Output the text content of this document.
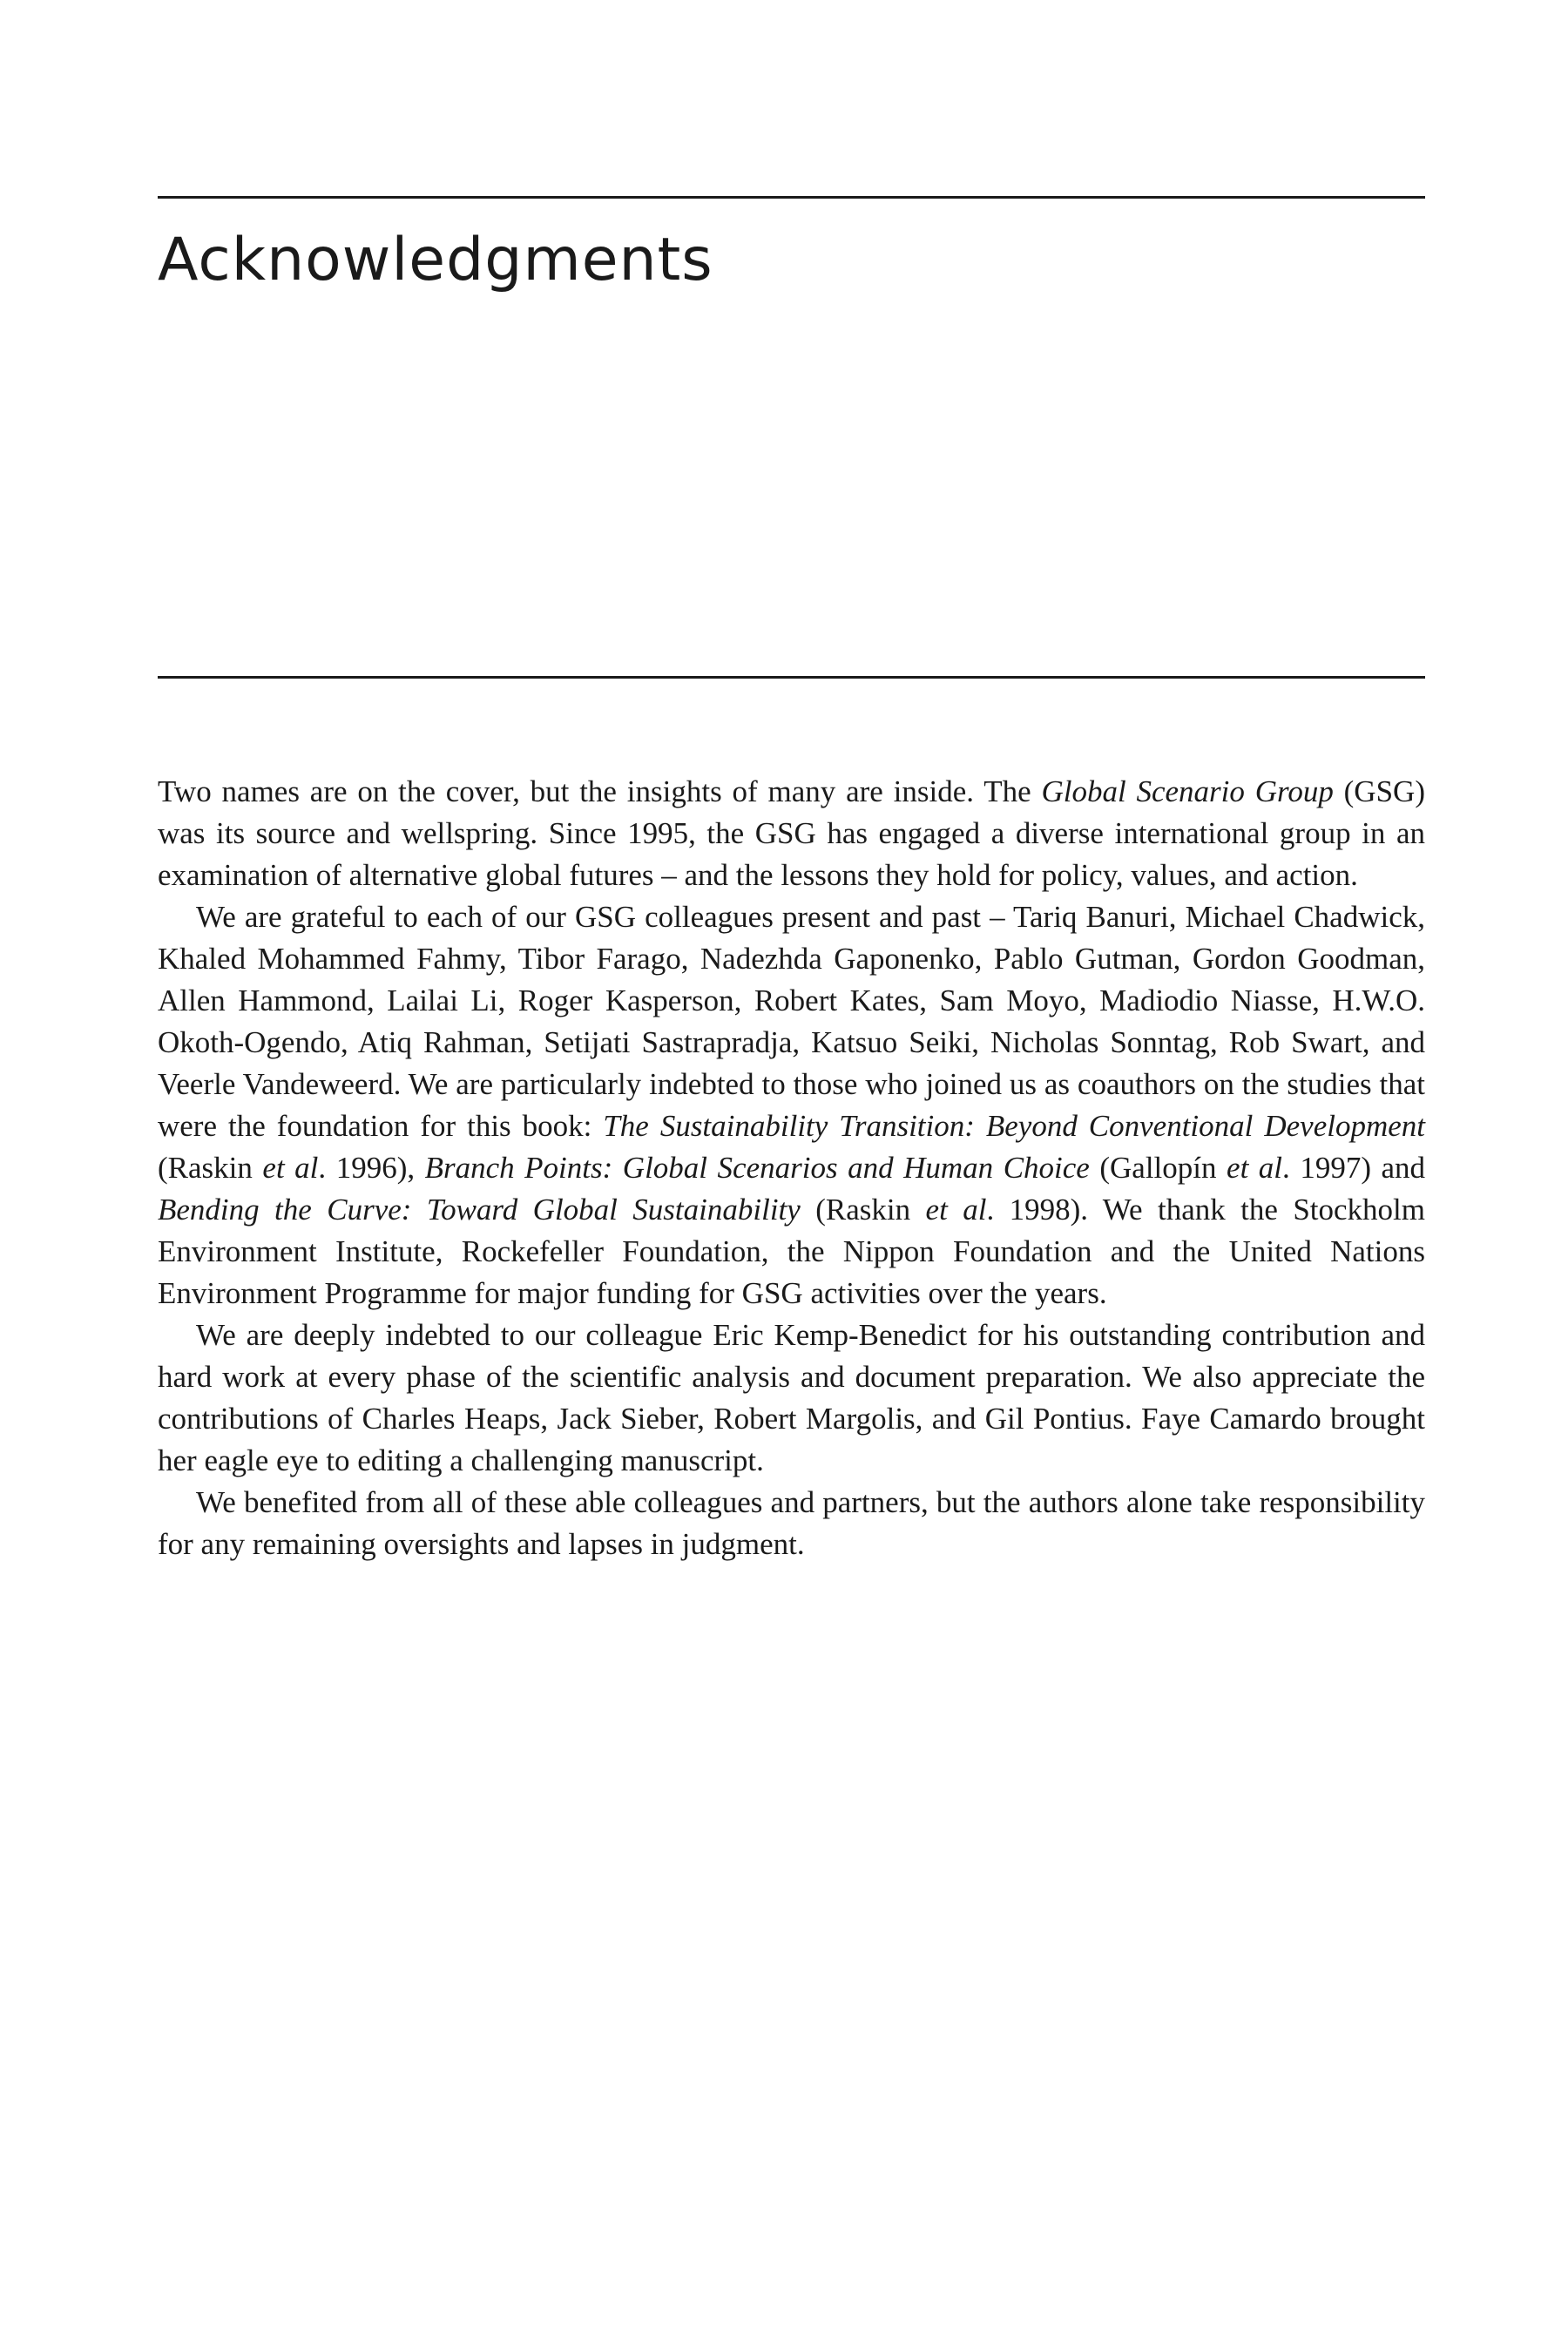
Acknowledgments

Two names are on the cover, but the insights of many are inside. The Global Scenario Group (GSG) was its source and wellspring. Since 1995, the GSG has engaged a diverse international group in an examination of alternative global futures – and the lessons they hold for policy, values, and action.

We are grateful to each of our GSG colleagues present and past – Tariq Banuri, Michael Chadwick, Khaled Mohammed Fahmy, Tibor Farago, Nadezhda Gaponenko, Pablo Gutman, Gordon Goodman, Allen Hammond, Lailai Li, Roger Kasperson, Robert Kates, Sam Moyo, Madiodio Niasse, H.W.O. Okoth-Ogendo, Atiq Rahman, Setijati Sastrapradja, Katsuo Seiki, Nicholas Sonntag, Rob Swart, and Veerle Vandeweerd. We are particularly indebted to those who joined us as coauthors on the studies that were the foundation for this book: The Sustainability Transition: Beyond Conventional Development (Raskin et al. 1996), Branch Points: Global Scenarios and Human Choice (Gallopín et al. 1997) and Bending the Curve: Toward Global Sustainability (Raskin et al. 1998). We thank the Stockholm Environment Institute, Rockefeller Foundation, the Nippon Foundation and the United Nations Environment Programme for major funding for GSG activities over the years.

We are deeply indebted to our colleague Eric Kemp-Benedict for his outstanding contribution and hard work at every phase of the scientific analysis and document preparation. We also appreciate the contributions of Charles Heaps, Jack Sieber, Robert Margolis, and Gil Pontius. Faye Camardo brought her eagle eye to editing a challenging manuscript.

We benefited from all of these able colleagues and partners, but the authors alone take responsibility for any remaining oversights and lapses in judgment.
